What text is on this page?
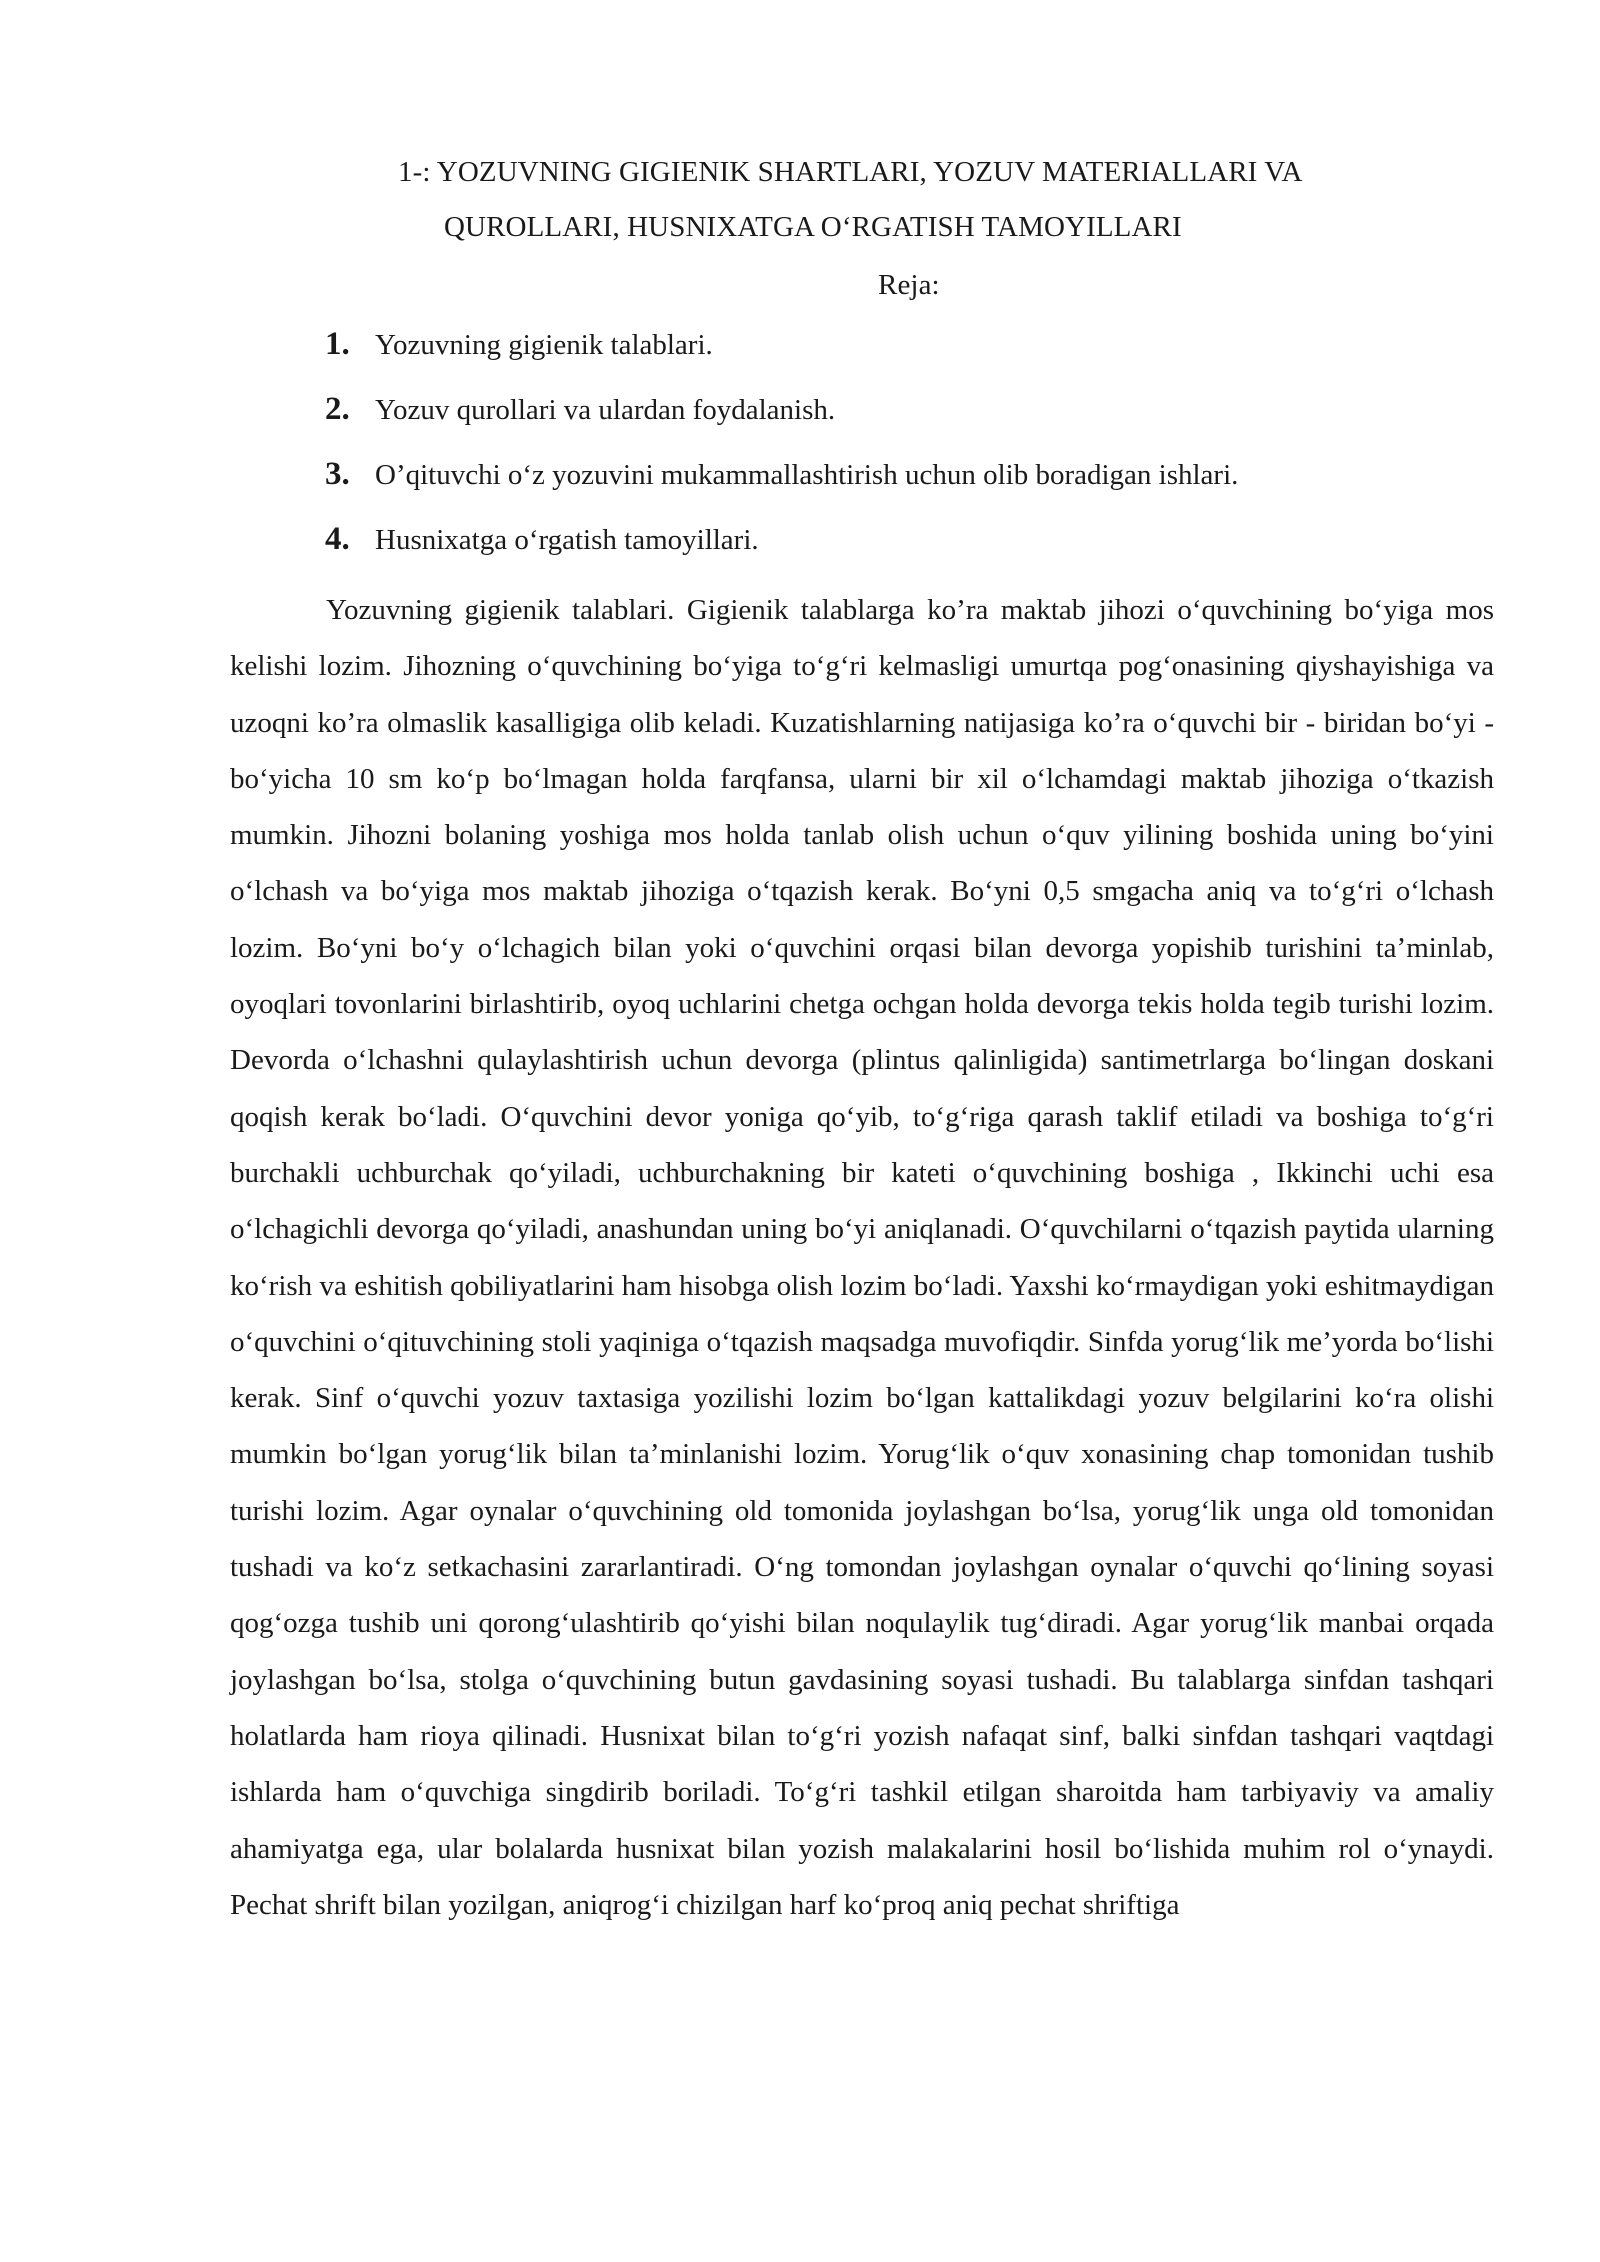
1-: YOZUVNING GIGIENIK SHARTLARI, YOZUV MATERIALLARI VA
QUROLLARI, HUSNIXATGA O‘RGATISH TAMOYILLARI
Reja:
1. Yozuvning gigienik talablari.
2. Yozuv qurollari va ulardan foydalanish.
3. O’qituvchi o‘z yozuvini mukammallashtirish uchun olib boradigan ishlari.
4. Husnixatga o‘rgatish tamoyillari.

Yozuvning gigienik talablari. Gigienik talablarga ko’ra maktab jihozi o‘quvchining bo‘yiga mos kelishi lozim. Jihozning o‘quvchining bo‘yiga to‘g‘ri kelmasligi umurtqa pog‘onasining qiyshayishiga va uzoqni ko’ra olmaslik kasalligiga olib keladi. Kuzatishlarning natijasiga ko’ra o‘quvchi bir - biridan bo‘yi -bo‘yicha 10 sm ko‘p bo‘lmagan holda farqfansa, ularni bir xil o‘lchamdagi maktab jihoziga o‘tkazish mumkin. Jihozni bolaning yoshiga mos holda tanlab olish uchun o‘quv yilining boshida uning bo‘yini o‘lchash va bo‘yiga mos maktab jihoziga o‘tqazish kerak. Bo‘yni 0,5 smgacha aniq va to‘g‘ri o‘lchash lozim. Bo‘yni bo‘y o‘lchagich bilan yoki o‘quvchini orqasi bilan devorga yopishib turishini ta’minlab, oyoqlari tovonlarini birlashtirib, oyoq uchlarini chetga ochgan holda devorga tekis holda tegib turishi lozim. Devorda o‘lchashni qulaylashtirish uchun devorga (plintus qalinligida) santimetrlarga bo‘lingan doskani qoqish kerak bo‘ladi. O‘quvchini devor yoniga qo‘yib, to‘g‘riga qarash taklif etiladi va boshiga to‘g‘ri burchakli uchburchak qo‘yiladi, uchburchakning bir kateti o‘quvchining boshiga , Ikkinchi uchi esa o‘lchagichli devorga qo‘yiladi, anashundan uning bo‘yi aniqlanadi. O‘quvchilarni o‘tqazish paytida ularning ko‘rish va eshitish qobiliyatlarini ham hisobga olish lozim bo‘ladi. Yaxshi ko‘rmaydigan yoki eshitmaydigan o‘quvchini o‘qituvchining stoli yaqiniga o‘tqazish maqsadga muvofiqdir. Sinfda yorug‘lik me’yorda bo‘lishi kerak. Sinf o‘quvchi yozuv taxtasiga yozilishi lozim bo‘lgan kattalikdagi yozuv belgilarini ko‘ra olishi mumkin bo‘lgan yorug‘lik bilan ta’minlanishi lozim. Yorug‘lik o‘quv xonasining chap tomonidan tushib turishi lozim. Agar oynalar o‘quvchining old tomonida joylashgan bo‘lsa, yorug‘lik unga old tomonidan tushadi va ko‘z setkachasini zararlantiradi. O‘ng tomondan joylashgan oynalar o‘quvchi qo‘lining soyasi qog‘ozga tushib uni qorong‘ulashtirib qo‘yishi bilan noqulaylik tug‘diradi. Agar yorug‘lik manbai orqada joylashgan bo‘lsa, stolga o‘quvchining butun gavdasining soyasi tushadi. Bu talablarga sinfdan tashqari holatlarda ham rioya qilinadi. Husnixat bilan to‘g‘ri yozish nafaqat sinf, balki sinfdan tashqari vaqtdagi ishlarda ham o‘quvchiga singdirib boriladi. To‘g‘ri tashkil etilgan sharoitda ham tarbiyaviy va amaliy ahamiyatga ega, ular bolalarda husnixat bilan yozish malakalarini hosil bo‘lishida muhim rol o‘ynaydi. Pechat shrift bilan yozilgan, aniqrog‘i chizilgan harf ko‘proq aniq pechat shriftiga
